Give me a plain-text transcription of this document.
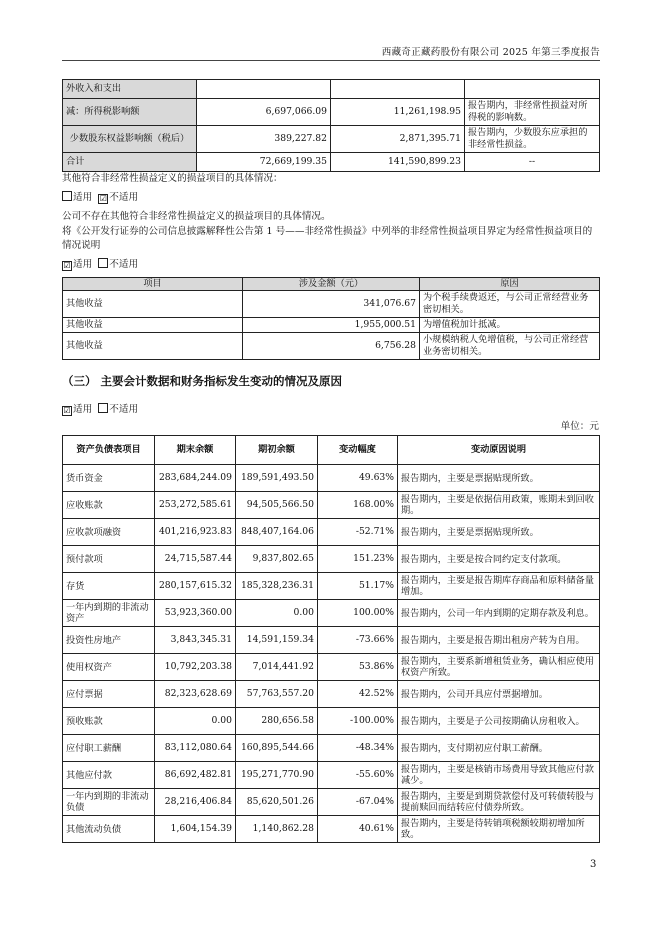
西藏奇正藏药股份有限公司 2025 年第三季度报告
外收入和支出			
减：所得税影响额	6,697,066.09	11,261,198.95	报告期内，非经常性损益对所得税的影响数。
少数股东权益影响额（税后）	389,227.82	2,871,395.71	报告期内，少数股东应承担的非经常性损益。
合计	72,669,199.35	141,590,899.23	--
其他符合非经常性损益定义的损益项目的具体情况：
适用 ☑ 不适用
公司不存在其他符合非经常性损益定义的损益项目的具体情况。
将《公开发行证券的公司信息披露解释性公告第 1 号——非经常性损益》中列举的非经常性损益项目界定为经常性损益项目的情况说明
☑ 适用 不适用
项目	涉及金额（元）	原因
其他收益	341,076.67	为个税手续费返还，与公司正常经营业务密切相关。
其他收益	1,955,000.51	为增值税加计抵减。
其他收益	6,756.28	小规模纳税人免增值税，与公司正常经营业务密切相关。
（三） 主要会计数据和财务指标发生变动的情况及原因
☑ 适用 不适用
单位：元
资产负债表项目	期末余额	期初余额	变动幅度	变动原因说明
货币资金	283,684,244.09	189,591,493.50	49.63%	报告期内，主要是票据贴现所致。
应收账款	253,272,585.61	94,505,566.50	168.00%	报告期内，主要是依据信用政策，账期未到回收期。
应收款项融资	401,216,923.83	848,407,164.06	-52.71%	报告期内，主要是票据贴现所致。
预付款项	24,715,587.44	9,837,802.65	151.23%	报告期内，主要是按合同约定支付款项。
存货	280,157,615.32	185,328,236.31	51.17%	报告期内，主要是报告期库存商品和原料储备量增加。
一年内到期的非流动资产	53,923,360.00	0.00	100.00%	报告期内，公司一年内到期的定期存款及利息。
投资性房地产	3,843,345.31	14,591,159.34	-73.66%	报告期内，主要是报告期出租房产转为自用。
使用权资产	10,792,203.38	7,014,441.92	53.86%	报告期内，主要系新增租赁业务，确认相应使用权资产所致。
应付票据	82,323,628.69	57,763,557.20	42.52%	报告期内，公司开具应付票据增加。
预收账款	0.00	280,656.58	-100.00%	报告期内，主要是子公司按期确认房租收入。
应付职工薪酬	83,112,080.64	160,895,544.66	-48.34%	报告期内，支付期初应付职工薪酬。
其他应付款	86,692,482.81	195,271,770.90	-55.60%	报告期内，主要是核销市场费用导致其他应付款减少。
一年内到期的非流动负债	28,216,406.84	85,620,501.26	-67.04%	报告期内，主要是到期贷款偿付及可转债转股与提前赎回而结转应付债券所致。
其他流动负债	1,604,154.39	1,140,862.28	40.61%	报告期内，主要是待转销项税额较期初增加所致。
3
